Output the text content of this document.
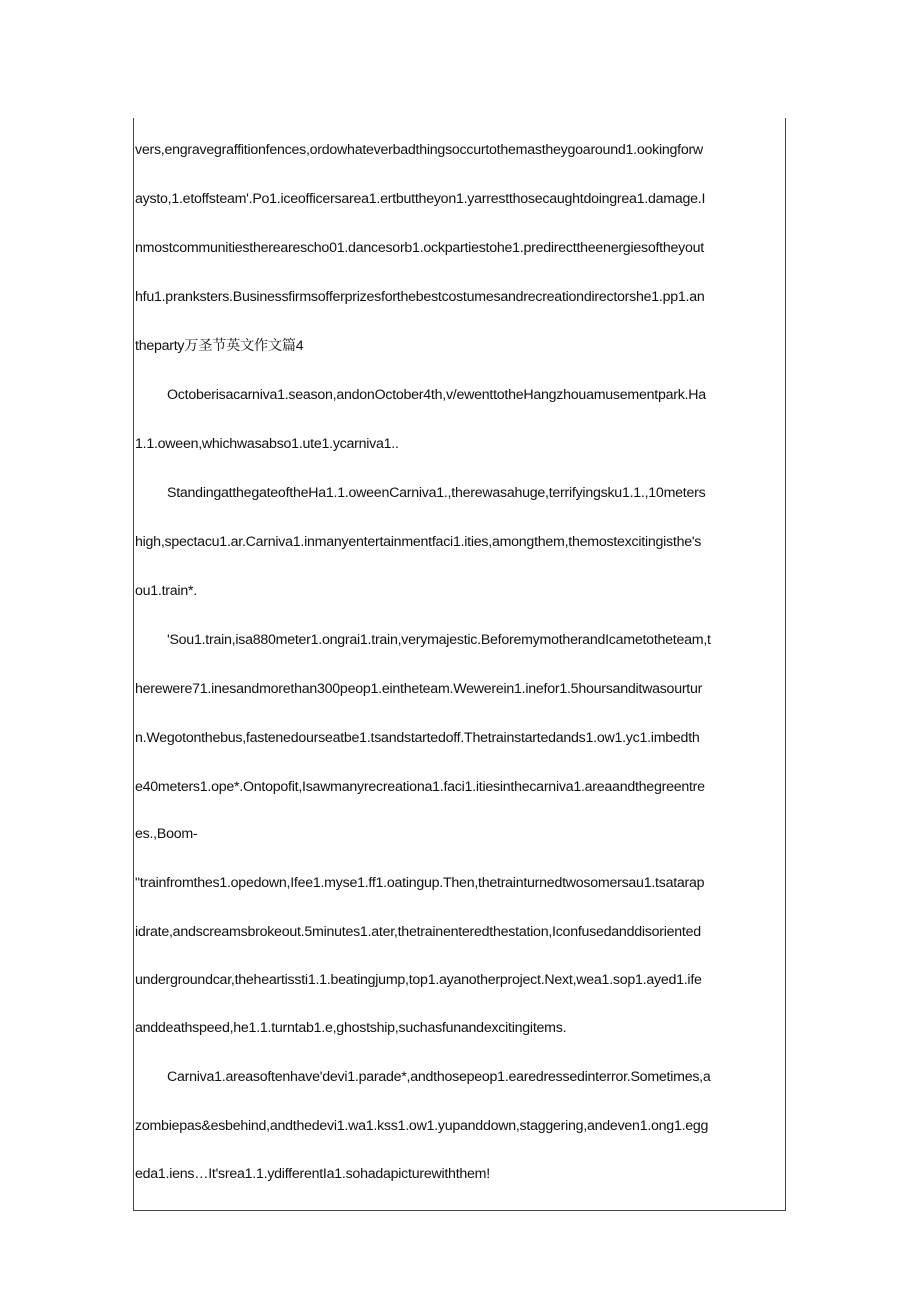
vers,engravegraffitionfences,ordowhateverbadthingsoccurtothemastheygoaround1.ookingforw

aysto,1.etoffsteam'.Po1.iceofficersarea1.ertbuttheyon1.yarrestthosecaughtdoingrea1.damage.I

nmostcommunitiestherearescho01.dancesorb1.ockpartiestohe1.predirecttheenergiesoftheyout

hfu1.pranksters.Businessfirmsofferprizesforthebestcostumesandrecreationdirectorshe1.pp1.an

theparty万圣节英文作文篇4

Octoberisacarniva1.season,andonOctober4th,v/ewenttotheHangzhouamusementpark.Ha

1.1.oween,whichwasabso1.ute1.ycarniva1..

StandingatthegateoftheHa1.1.oweenCarniva1.,therewasahuge,terrifyingsku1.1.,10meters

high,spectacu1.ar.Carniva1.inmanyentertainmentfaci1.ities,amongthem,themostexcitingisthe's

ou1.train*.

'Sou1.train,isa880meter1.ongrai1.train,verymajestic.BeforemymotherandIcametotheteam,t

herewere71.inesandmorethan300peop1.eintheteam.Wewerein1.inefor1.5hoursanditwasourtur

n.Wegotonthebus,fastenedourseatbe1.tsandstartedoff.Thetrainstartedands1.ow1.yc1.imbedth

e40meters1.ope*.Ontopofit,Isawmanyrecreationa1.faci1.itiesinthecarniva1.areaandthegreentre

es.,Boom-

"trainfromthes1.opedown,Ifee1.myse1.ff1.oatingup.Then,thetrainturnedtwosomersau1.tsatarap

idrate,andscreamsbrokeout.5minutes1.ater,thetrainenteredthestation,Iconfusedanddisoriented

undergroundcar,theheartissti1.1.beatingjump,top1.ayanotherproject.Next,wea1.sop1.ayed1.ife

anddeathspeed,he1.1.turntab1.e,ghostship,suchasfunandexcitingitems.

Carniva1.areasoftenhave'devi1.parade*,andthosepeop1.earedressedinterror.Sometimes,a

zombiepas&esbehind,andthedevi1.wa1.kss1.ow1.yupanddown,staggering,andeven1.ong1.egg

eda1.iens…It'srea1.1.ydifferentIa1.sohadapicturewiththem!
